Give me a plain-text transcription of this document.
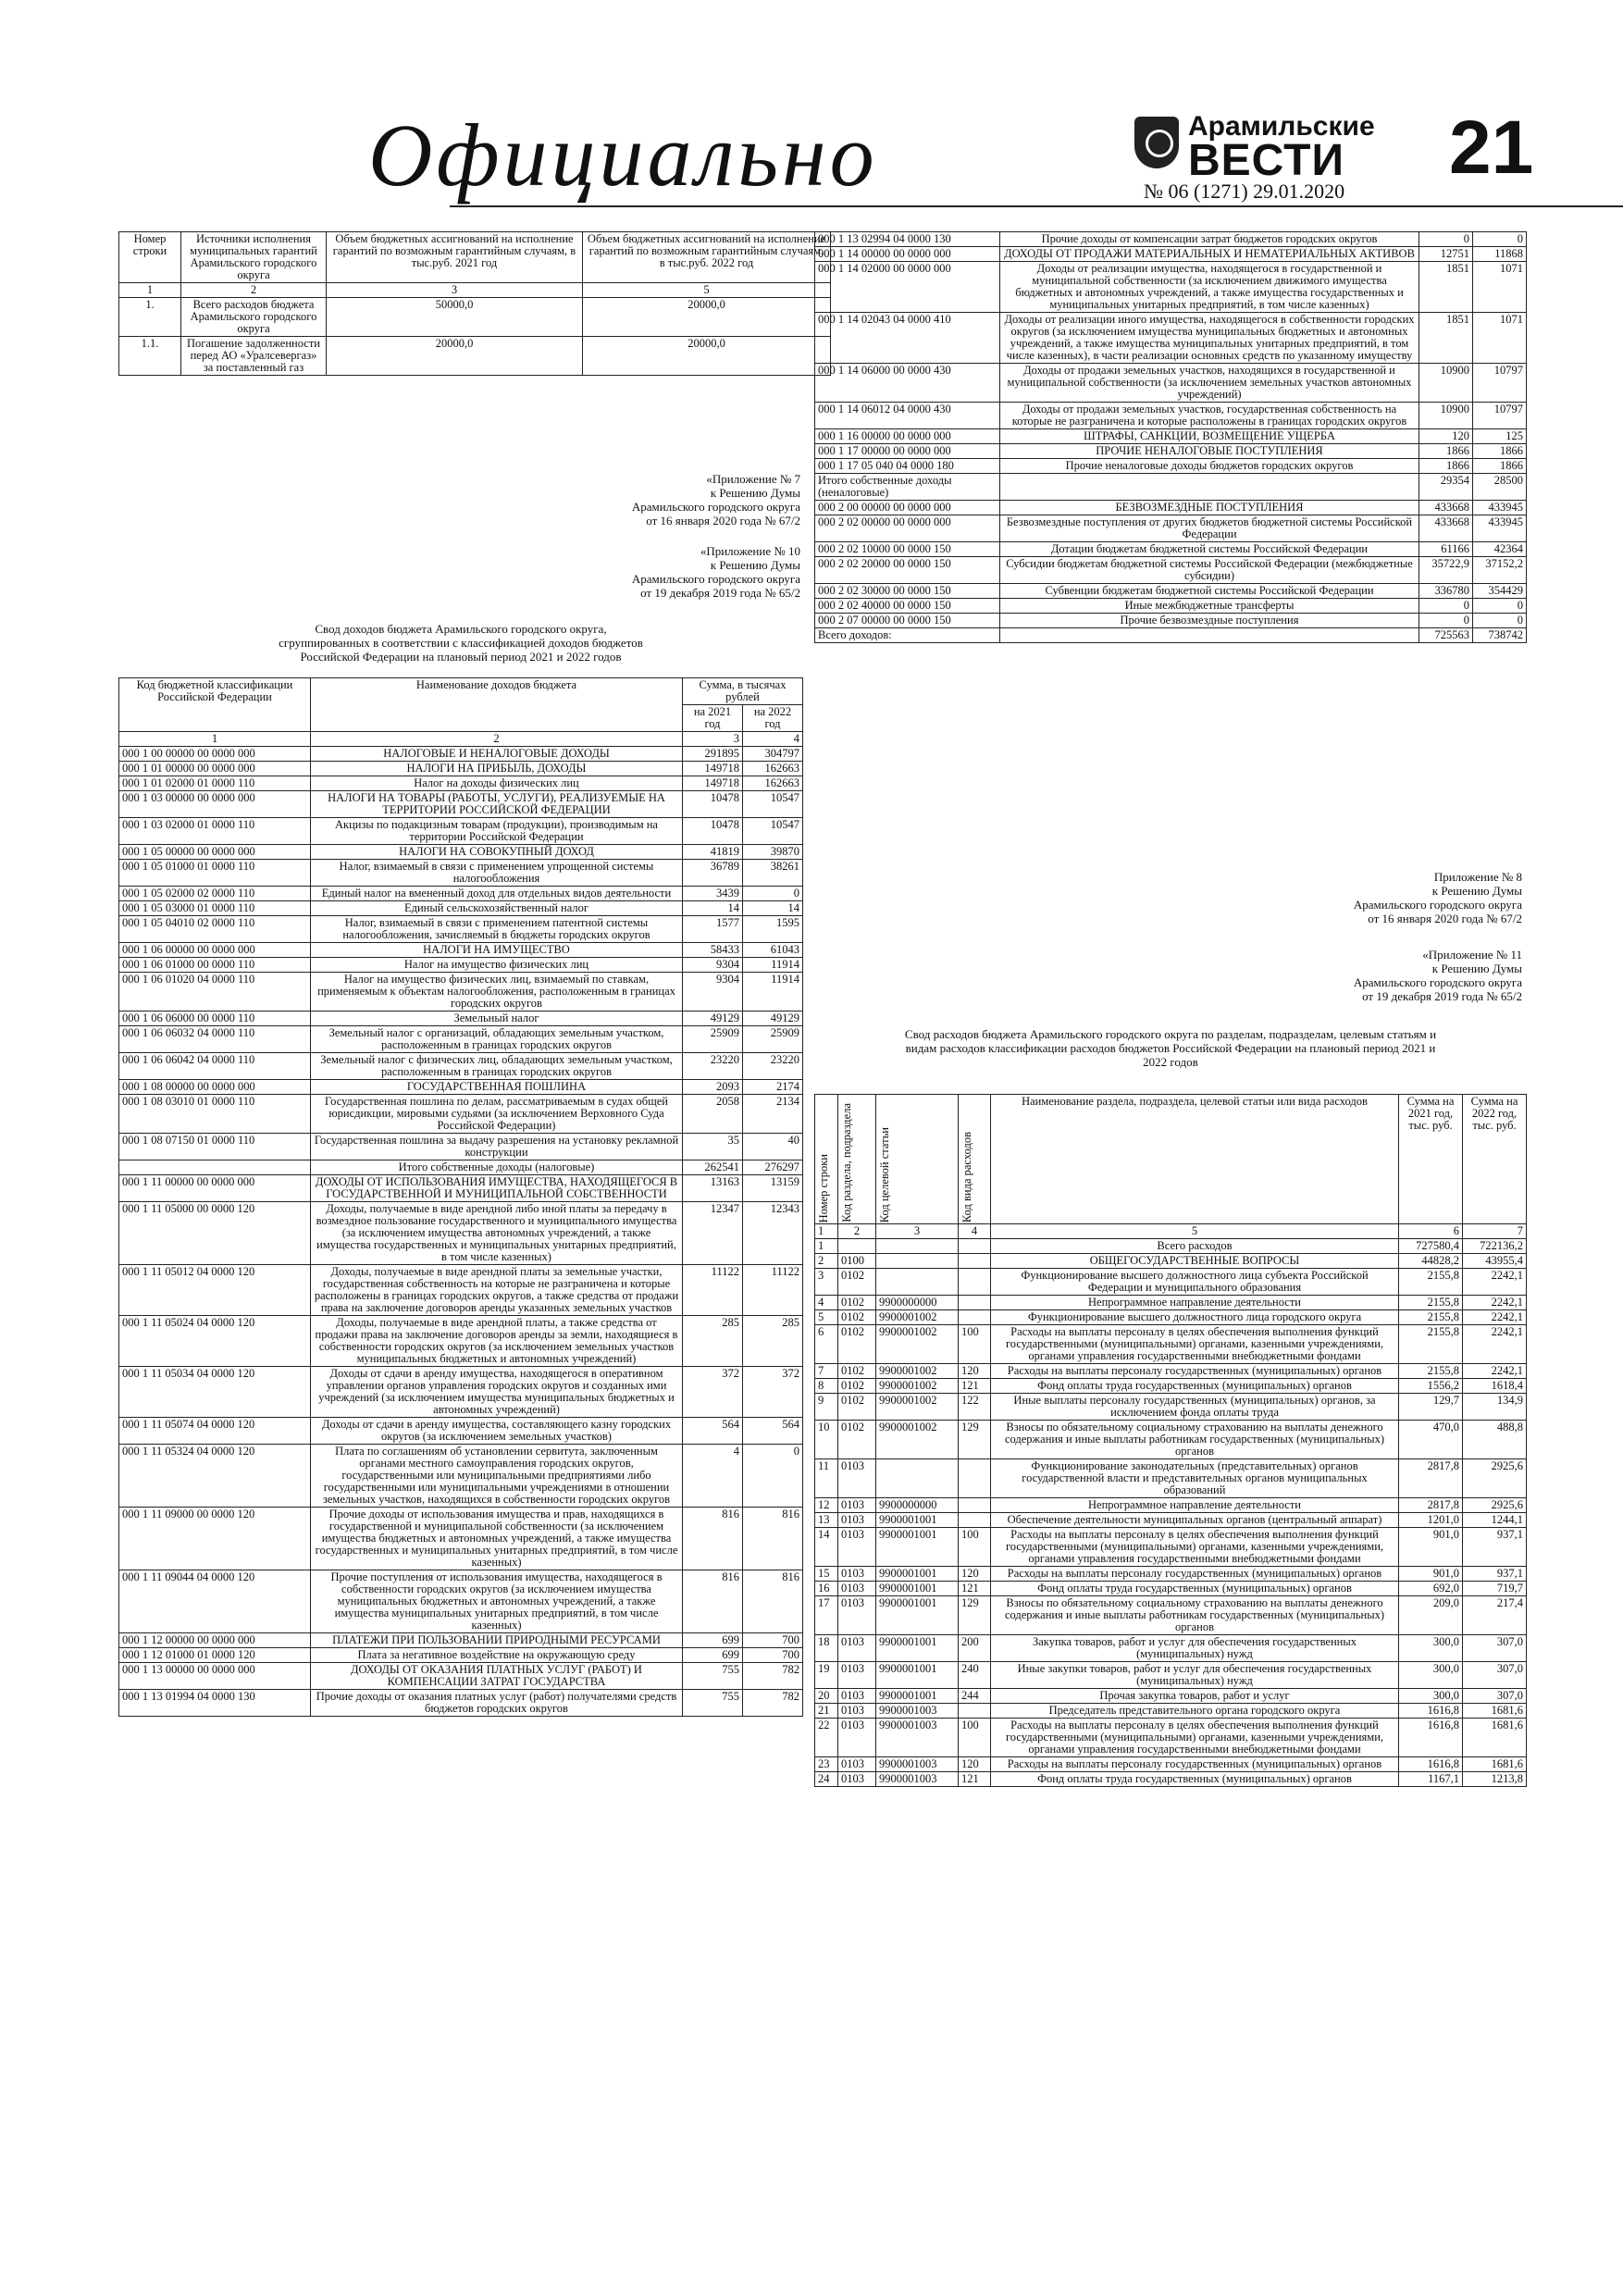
Официально	Арамильские
ВЕСТИ
№ 06 (1271) 29.01.2020
21
Номер строки	Источники исполнения муниципальных гарантий Арамильского городского округа	Объем бюджетных ассигнований на исполнение гарантий по возможным гарантийным случаям, в тыс.руб. 2021 год	Объем бюджетных ассигнований на исполнение гарантий по возможным гарантийным случаям, в тыс.руб. 2022 год
1	2	3	5
1.	Всего расходов бюджета Арамильского городского округа	50000,0	20000,0
1.1.	Погашение задолженности перед АО «Уралсевергаз» за поставленный газ	20000,0	20000,0
«Приложение № 7
к Решению Думы
Арамильского городского округа
от 16 января 2020 года № 67/2
«Приложение № 10
к Решению Думы
Арамильского городского округа
от 19 декабря 2019 года № 65/2
Свод доходов бюджета Арамильского городского округа,
сгруппированных в соответствии с классификацией доходов бюджетов
Российской Федерации на плановый период 2021 и 2022 годов
Код бюджетной классификации Российской Федерации	Наименование доходов бюджета	Сумма, в тысячах рублей	
		на 2021 год	на 2022 год
1	2	3	4
000 1 00 00000 00 0000 000	НАЛОГОВЫЕ И НЕНАЛОГОВЫЕ ДОХОДЫ	291895	304797
000 1 01 00000 00 0000 000	НАЛОГИ НА ПРИБЫЛЬ, ДОХОДЫ	149718	162663
000 1 01 02000 01 0000 110	Налог на доходы физических лиц	149718	162663
000 1 03 00000 00 0000 000	НАЛОГИ НА ТОВАРЫ (РАБОТЫ, УСЛУГИ), РЕАЛИЗУЕМЫЕ НА ТЕРРИТОРИИ РОССИЙСКОЙ ФЕДЕРАЦИИ	10478	10547
000 1 03 02000 01 0000 110	Акцизы по подакцизным товарам (продукции), производимым на территории Российской Федерации	10478	10547
000 1 05 00000 00 0000 000	НАЛОГИ НА СОВОКУПНЫЙ ДОХОД	41819	39870
000 1 05 01000 01 0000 110	Налог, взимаемый в связи с применением упрощенной системы налогообложения	36789	38261
000 1 05 02000 02 0000 110	Единый налог на вмененный доход для отдельных видов деятельности	3439	0
000 1 05 03000 01 0000 110	Единый сельскохозяйственный налог	14	14
000 1 05 04010 02 0000 110	Налог, взимаемый в связи с применением патентной системы налогообложения, зачисляемый в бюджеты городских округов	1577	1595
000 1 06 00000 00 0000 000	НАЛОГИ НА ИМУЩЕСТВО	58433	61043
000 1 06 01000 00 0000 110	Налог на имущество физических лиц	9304	11914
000 1 06 01020 04 0000 110	Налог на имущество физических лиц, взимаемый по ставкам, применяемым к объектам налогообложения, расположенным в границах городских округов	9304	11914
000 1 06 06000 00 0000 110	Земельный налог	49129	49129
000 1 06 06032 04 0000 110	Земельный налог с организаций, обладающих земельным участком, расположенным в границах городских округов	25909	25909
000 1 06 06042 04 0000 110	Земельный налог с физических лиц, обладающих земельным участком, расположенным в границах городских округов	23220	23220
000 1 08 00000 00 0000 000	ГОСУДАРСТВЕННАЯ ПОШЛИНА	2093	2174
000 1 08 03010 01 0000 110	Государственная пошлина по делам, рассматриваемым в судах общей юрисдикции, мировыми судьями (за исключением Верховного Суда Российской Федерации)	2058	2134
000 1 08 07150 01 0000 110	Государственная пошлина за выдачу разрешения на установку рекламной конструкции	35	40
	Итого собственные доходы (налоговые)	262541	276297
000 1 11 00000 00 0000 000	ДОХОДЫ ОТ ИСПОЛЬЗОВАНИЯ ИМУЩЕСТВА, НАХОДЯЩЕГОСЯ В ГОСУДАРСТВЕННОЙ И МУНИЦИПАЛЬНОЙ СОБСТВЕННОСТИ	13163	13159
000 1 11 05000 00 0000 120	Доходы, получаемые в виде арендной либо иной платы за передачу в возмездное пользование государственного и муниципального имущества (за исключением имущества автономных учреждений, а также имущества государственных и муниципальных унитарных предприятий, в том числе казенных)	12347	12343
000 1 11 05012 04 0000 120	Доходы, получаемые в виде арендной платы за земельные участки, государственная собственность на которые не разграничена и которые расположены в границах городских округов, а также средства от продажи права на заключение договоров аренды указанных земельных участков	11122	11122
000 1 11 05024 04 0000 120	Доходы, получаемые в виде арендной платы, а также средства от продажи права на заключение договоров аренды за земли, находящиеся в собственности городских округов (за исключением земельных участков муниципальных бюджетных и автономных учреждений)	285	285
000 1 11 05034 04 0000 120	Доходы от сдачи в аренду имущества, находящегося в оперативном управлении органов управления городских округов и созданных ими учреждений (за исключением имущества муниципальных бюджетных и автономных учреждений)	372	372
000 1 11 05074 04 0000 120	Доходы от сдачи в аренду имущества, составляющего казну городских округов (за исключением земельных участков)	564	564
000 1 11 05324 04 0000 120	Плата по соглашениям об установлении сервитута, заключенным органами местного самоуправления городских округов, государственными или муниципальными предприятиями либо государственными или муниципальными учреждениями в отношении земельных участков, находящихся в собственности городских округов	4	0
000 1 11 09000 00 0000 120	Прочие доходы от использования имущества и прав, находящихся в государственной и муниципальной собственности (за исключением имущества бюджетных и автономных учреждений, а также имущества государственных и муниципальных унитарных предприятий, в том числе казенных)	816	816
000 1 11 09044 04 0000 120	Прочие поступления от использования имущества, находящегося в собственности городских округов (за исключением имущества муниципальных бюджетных и автономных учреждений, а также имущества муниципальных унитарных предприятий, в том числе казенных)	816	816
000 1 12 00000 00 0000 000	ПЛАТЕЖИ ПРИ ПОЛЬЗОВАНИИ ПРИРОДНЫМИ РЕСУРСАМИ	699	700
000 1 12 01000 01 0000 120	Плата за негативное воздействие на окружающую среду	699	700
000 1 13 00000 00 0000 000	ДОХОДЫ ОТ ОКАЗАНИЯ ПЛАТНЫХ УСЛУГ (РАБОТ) И КОМПЕНСАЦИИ ЗАТРАТ ГОСУДАРСТВА	755	782
000 1 13 01994 04 0000 130	Прочие доходы от оказания платных услуг (работ) получателями средств бюджетов городских округов	755	782
000 1 13 02994 04 0000 130	Прочие доходы от компенсации затрат бюджетов городских округов	0	0
000 1 14 00000 00 0000 000	ДОХОДЫ ОТ ПРОДАЖИ МАТЕРИАЛЬНЫХ И НЕМАТЕРИАЛЬНЫХ АКТИВОВ	12751	11868
000 1 14 02000 00 0000 000	Доходы от реализации имущества, находящегося в государственной и муниципальной собственности (за исключением движимого имущества бюджетных и автономных учреждений, а также имущества государственных и муниципальных унитарных предприятий, в том числе казенных)	1851	1071
000 1 14 02043 04 0000 410	Доходы от реализации иного имущества, находящегося в собственности городских округов (за исключением имущества муниципальных бюджетных и автономных учреждений, а также имущества муниципальных унитарных предприятий, в том числе казенных), в части реализации основных средств по указанному имуществу	1851	1071
000 1 14 06000 00 0000 430	Доходы от продажи земельных участков, находящихся в государственной и муниципальной собственности (за исключением земельных участков автономных учреждений)	10900	10797
000 1 14 06012 04 0000 430	Доходы от продажи земельных участков, государственная собственность на которые не разграничена и которые расположены в границах городских округов	10900	10797
000 1 16 00000 00 0000 000	ШТРАФЫ, САНКЦИИ, ВОЗМЕЩЕНИЕ УЩЕРБА	120	125
000 1 17 00000 00 0000 000	ПРОЧИЕ НЕНАЛОГОВЫЕ ПОСТУПЛЕНИЯ	1866	1866
000 1 17 05 040 04 0000 180	Прочие неналоговые доходы бюджетов городских округов	1866	1866
Итого собственные доходы (неналоговые)		29354	28500
000 2 00 00000 00 0000 000	БЕЗВОЗМЕЗДНЫЕ ПОСТУПЛЕНИЯ	433668	433945
000 2 02 00000 00 0000 000	Безвозмездные поступления от других бюджетов бюджетной системы Российской Федерации	433668	433945
000 2 02 10000 00 0000 150	Дотации бюджетам бюджетной системы Российской Федерации	61166	42364
000 2 02 20000 00 0000 150	Субсидии бюджетам бюджетной системы Российской Федерации (межбюджетные субсидии)	35722,9	37152,2
000 2 02 30000 00 0000 150	Субвенции бюджетам бюджетной системы Российской Федерации	336780	354429
000 2 02 40000 00 0000 150	Иные межбюджетные трансферты	0	0
000 2 07 00000 00 0000 150	Прочие безвозмездные поступления	0	0
Всего доходов:		725563	738742
Приложение № 8
к Решению Думы
Арамильского городского округа
от 16 января 2020 года № 67/2
«Приложение № 11
к Решению Думы
Арамильского городского округа
от 19 декабря 2019 года № 65/2
Свод расходов бюджета Арамильского городского округа по разделам, подразделам, целевым статьям и
видам расходов классификации расходов бюджетов Российской Федерации на плановый период 2021 и
2022 годов
Номер строки	Код раздела, подраздела	Код целевой статьи	Код вида расходов	Наименование раздела, подраздела, целевой статьи или вида расходов	Сумма на 2021 год, тыс. руб.	Сумма на 2022 год, тыс. руб.
1	2	3	4	5	6	7
1				Всего расходов	727580,4	722136,2
2	0100			ОБЩЕГОСУДАРСТВЕННЫЕ ВОПРОСЫ	44828,2	43955,4
3	0102			Функционирование высшего должностного лица субъекта Российской Федерации и муниципального образования	2155,8	2242,1
4	0102	9900000000		Непрограммное направление деятельности	2155,8	2242,1
5	0102	9900001002		Функционирование высшего должностного лица городского округа	2155,8	2242,1
6	0102	9900001002	100	Расходы на выплаты персоналу в целях обеспечения выполнения функций государственными (муниципальными) органами, казенными учреждениями, органами управления государственными внебюджетными фондами	2155,8	2242,1
7	0102	9900001002	120	Расходы на выплаты персоналу государственных (муниципальных) органов	2155,8	2242,1
8	0102	9900001002	121	Фонд оплаты труда государственных (муниципальных) органов	1556,2	1618,4
9	0102	9900001002	122	Иные выплаты персоналу государственных (муниципальных) органов, за исключением фонда оплаты труда	129,7	134,9
10	0102	9900001002	129	Взносы по обязательному социальному страхованию на выплаты денежного содержания и иные выплаты работникам государственных (муниципальных) органов	470,0	488,8
11	0103			Функционирование законодательных (представительных) органов государственной власти и представительных органов муниципальных образований	2817,8	2925,6
12	0103	9900000000		Непрограммное направление деятельности	2817,8	2925,6
13	0103	9900001001		Обеспечение деятельности муниципальных органов (центральный аппарат)	1201,0	1244,1
14	0103	9900001001	100	Расходы на выплаты персоналу в целях обеспечения выполнения функций государственными (муниципальными) органами, казенными учреждениями, органами управления государственными внебюджетными фондами	901,0	937,1
15	0103	9900001001	120	Расходы на выплаты персоналу государственных (муниципальных) органов	901,0	937,1
16	0103	9900001001	121	Фонд оплаты труда государственных (муниципальных) органов	692,0	719,7
17	0103	9900001001	129	Взносы по обязательному социальному страхованию на выплаты денежного содержания и иные выплаты работникам государственных (муниципальных) органов	209,0	217,4
18	0103	9900001001	200	Закупка товаров, работ и услуг для обеспечения государственных (муниципальных) нужд	300,0	307,0
19	0103	9900001001	240	Иные закупки товаров, работ и услуг для обеспечения государственных (муниципальных) нужд	300,0	307,0
20	0103	9900001001	244	Прочая закупка товаров, работ и услуг	300,0	307,0
21	0103	9900001003		Председатель представительного органа городского округа	1616,8	1681,6
22	0103	9900001003	100	Расходы на выплаты персоналу в целях обеспечения выполнения функций государственными (муниципальными) органами, казенными учреждениями, органами управления государственными внебюджетными фондами	1616,8	1681,6
23	0103	9900001003	120	Расходы на выплаты персоналу государственных (муниципальных) органов	1616,8	1681,6
24	0103	9900001003	121	Фонд оплаты труда государственных (муниципальных) органов	1167,1	1213,8
